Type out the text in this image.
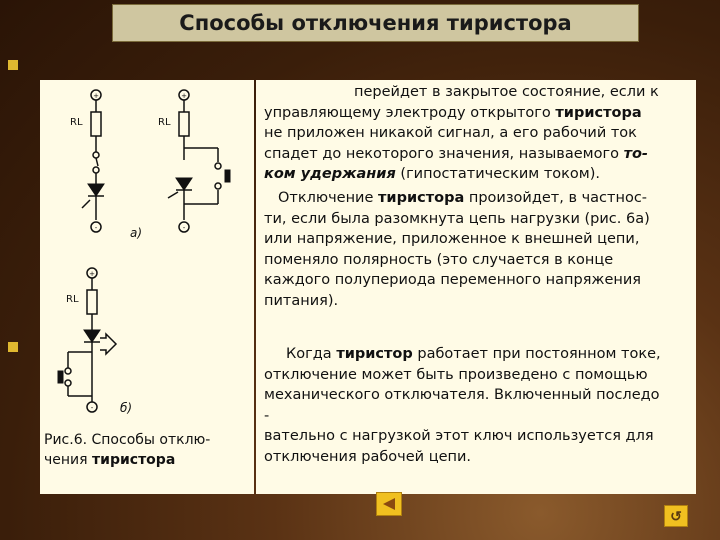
Способы отключения тиристора
+
-
+
-
+
-
RL	RL
RL
a)
б)
Рис.6. Способы отклю-
чения тиристора
перейдет в закрытое состояние, если к
управляющему электроду открытого тиристора
не приложен никакой сигнал, а его рабочий ток
спадет до некоторого значения, называемого то-
ком удержания (гипостатическим током).
Отключение тиристора произойдет, в частнос-
ти, если была разомкнута цепь нагрузки (рис. 6а)
или напряжение, приложенное к внешней цепи,
поменяло полярность (это случается в конце
каждого полупериода переменного напряжения
питания).
Когда тиристор работает при постоянном токе,
отключение может быть произведено с помощью
механического отключателя. Включенный последо
-
вательно с нагрузкой этот ключ используется для
отключения рабочей цепи.
↺
